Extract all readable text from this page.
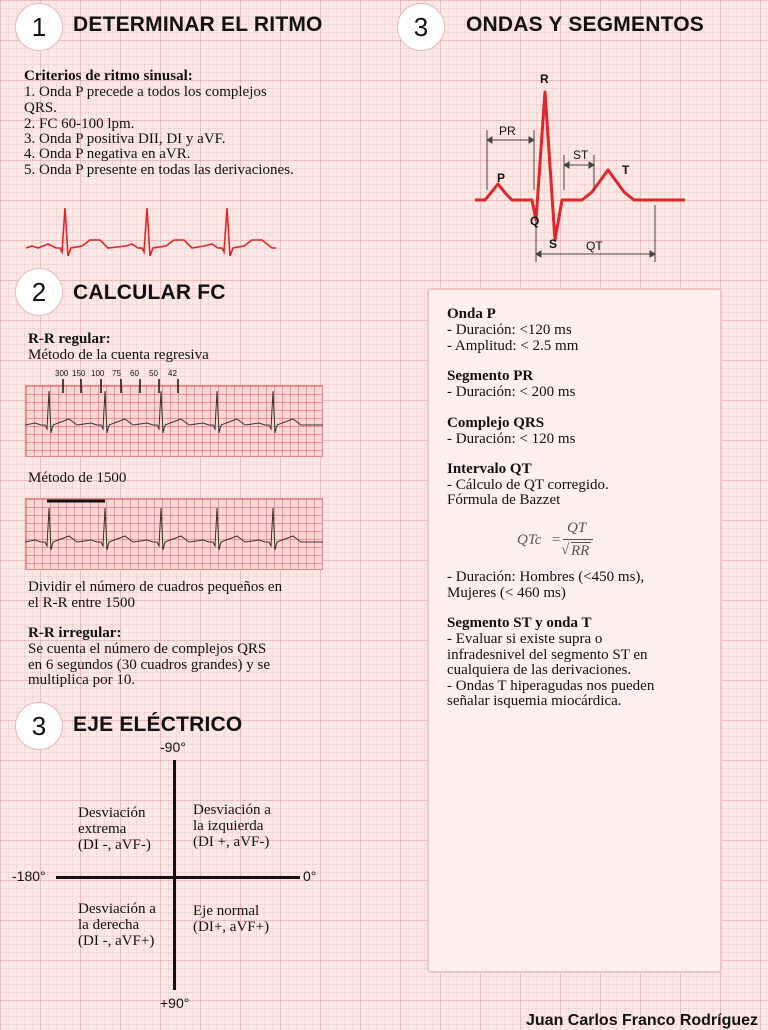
1	DETERMINAR EL RITMO
Criterios de ritmo sinusal:
1. Onda P precede a todos los complejos
QRS.
2. FC 60-100 lpm.
3. Onda P positiva DII, DI y aVF.
4. Onda P negativa en aVR.
5. Onda P presente en todas las derivaciones.
2	CALCULAR FC
R-R regular:
Método de la cuenta regresiva
300 150 100 75 60 50 42
Método de 1500
Dividir el número de cuadros pequeños en
el R-R entre 1500
R-R irregular:
Se cuenta el número de complejos QRS
en 6 segundos (30 cuadros grandes) y se
multiplica por 10.
3	EJE ELÉCTRICO
-90°
+90°
-180°	0°
Desviación
extrema
(DI -, aVF-)
Desviación a
la izquierda
(DI +, aVF-)
Desviación a
la derecha
(DI -, aVF+)
Eje normal
(DI+, aVF+)
3	ONDAS Y SEGMENTOS
R
PR
ST
P
T
Q
S QT
Onda P
- Duración: <120 ms
- Amplitud: < 2.5 mm
Segmento PR
- Duración: < 200 ms
Complejo QRS
- Duración: < 120 ms
Intervalo QT
- Cálculo de QT corregido.
Fórmula de Bazzet
QTc =
QT
√ RR
- Duración: Hombres (<450 ms),
Mujeres (< 460 ms)
Segmento ST y onda T
- Evaluar si existe supra o
infradesnivel del segmento ST en
cualquiera de las derivaciones.
- Ondas T hiperagudas nos pueden
señalar isquemia miocárdica.
Juan Carlos Franco Rodríguez
